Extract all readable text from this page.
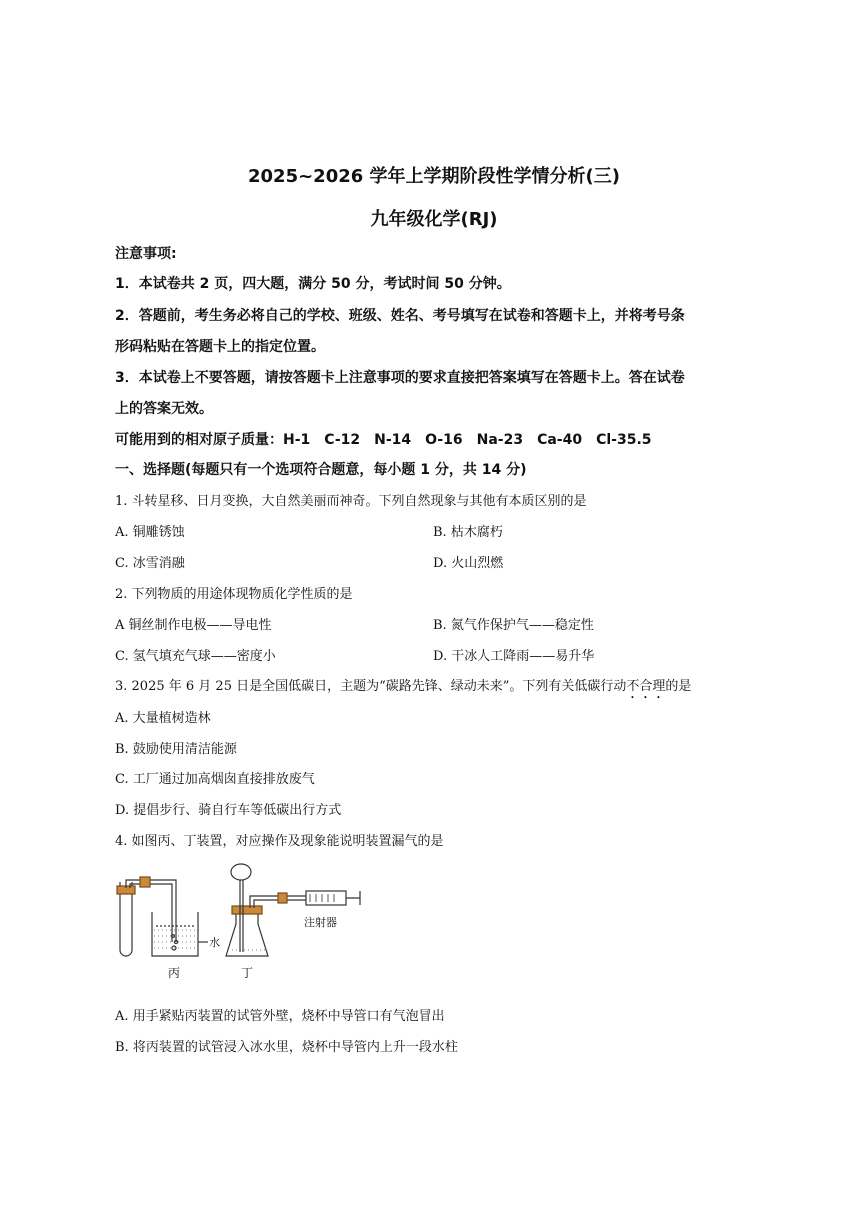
2025~2026 学年上学期阶段性学情分析(三)
九年级化学(RJ)
注意事项:
1．本试卷共 2 页，四大题，满分 50 分，考试时间 50 分钟。
2．答题前，考生务必将自己的学校、班级、姓名、考号填写在试卷和答题卡上，并将考号条
形码粘贴在答题卡上的指定位置。
3．本试卷上不要答题，请按答题卡上注意事项的要求直接把答案填写在答题卡上。答在试卷
上的答案无效。
可能用到的相对原子质量：H-1　C-12　N-14　O-16　Na-23　Ca-40　Cl-35.5
一、选择题(每题只有一个选项符合题意，每小题 1 分，共 14 分)
1. 斗转星移、日月变换，大自然美丽而神奇。下列自然现象与其他有本质区别的是
A. 铜雕锈蚀	B. 枯木腐朽
C. 冰雪消融	D. 火山烈燃
2. 下列物质的用途体现物质化学性质的是
A 铜丝制作电极——导电性	B. 氮气作保护气——稳定性
C. 氢气填充气球——密度小	D. 干冰人工降雨——易升华
3. 2025 年 6 月 25 日是全国低碳日，主题为“碳路先锋、绿动未来”。下列有关低碳行动不合理的是
A. 大量植树造林
B. 鼓励使用清洁能源
C. 工厂通过加高烟囱直接排放废气
D. 提倡步行、骑自行车等低碳出行方式
4. 如图丙、丁装置，对应操作及现象能说明装置漏气的是
水
丙
注射器
丁
A. 用手紧贴丙装置的试管外壁，烧杯中导管口有气泡冒出
B. 将丙装置的试管浸入冰水里，烧杯中导管内上升一段水柱
